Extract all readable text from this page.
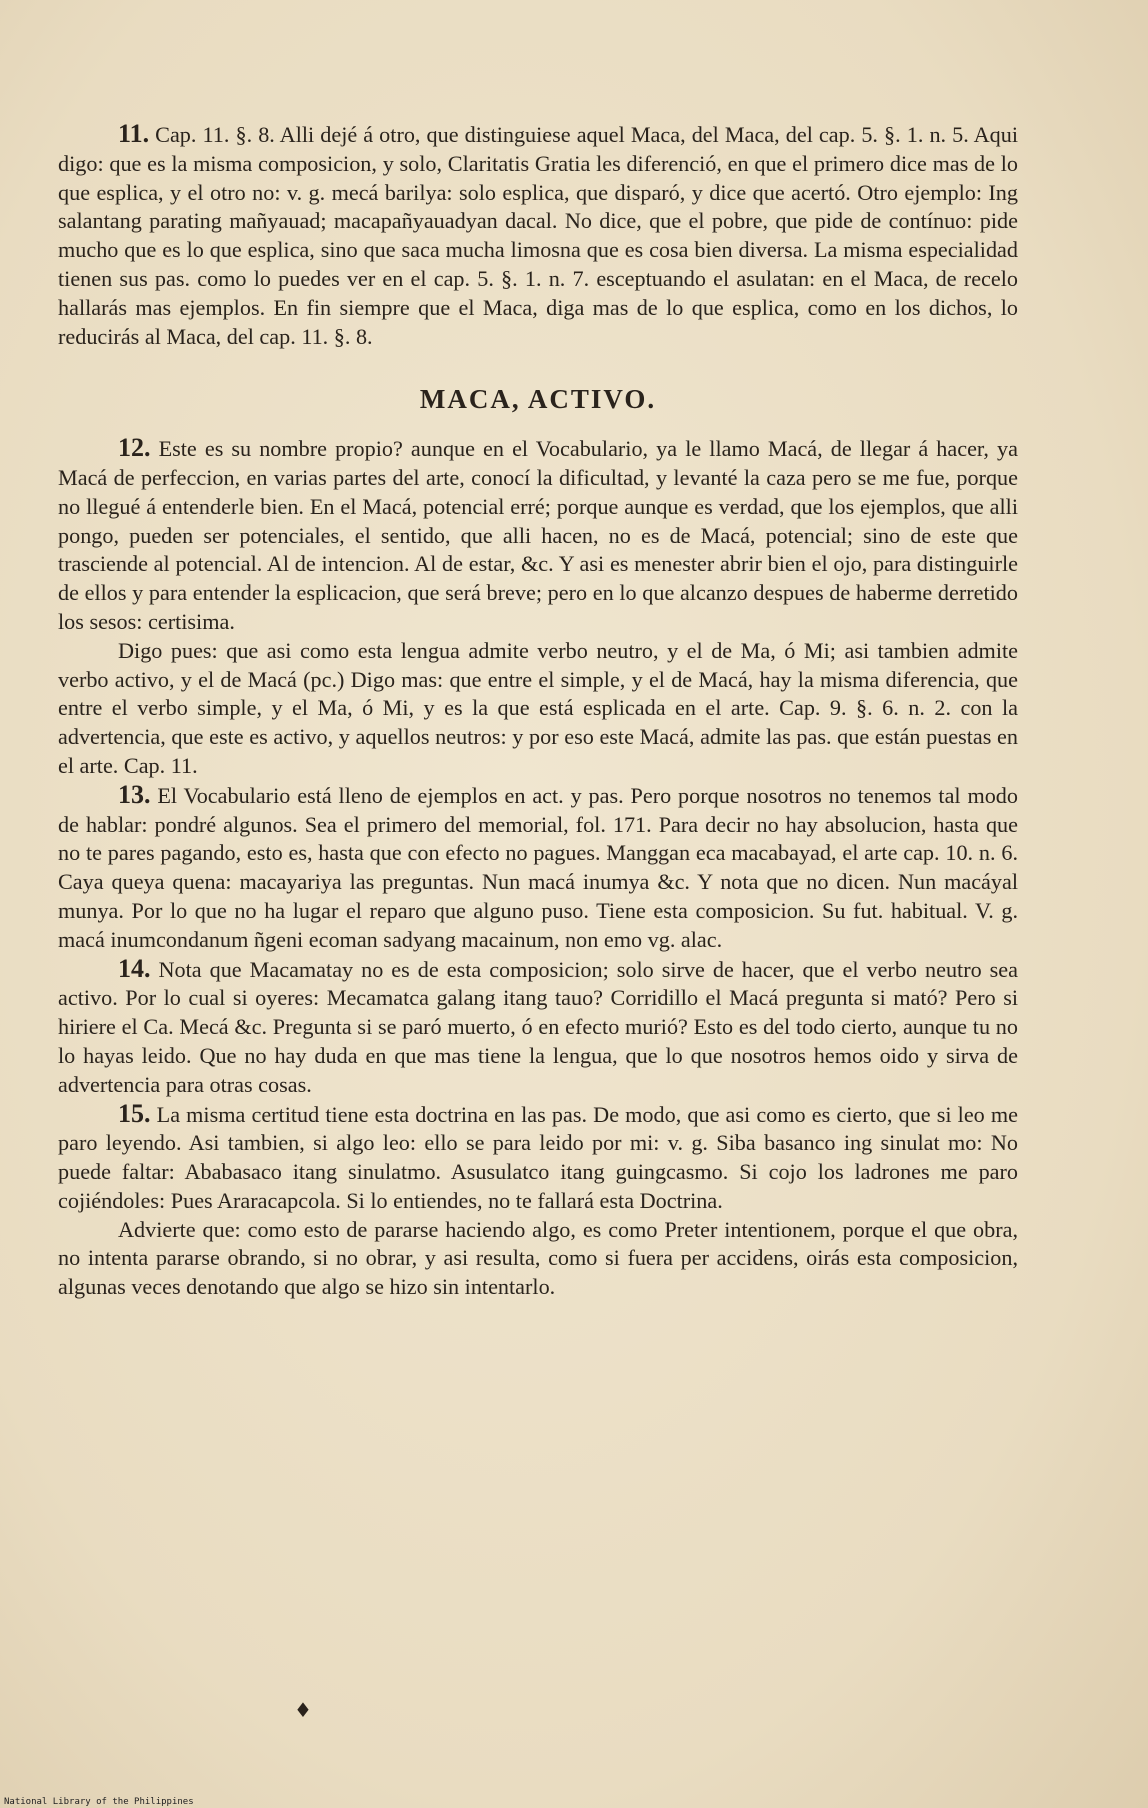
11. Cap. 11. §. 8. Alli dejé á otro, que distinguiese aquel Maca, del Maca, del cap. 5. §. 1. n. 5. Aqui digo: que es la misma composicion, y solo, Claritatis Gratia les diferenció, en que el primero dice mas de lo que esplica, y el otro no: v. g. mecá barilya: solo esplica, que disparó, y dice que acertó. Otro ejemplo: Ing salantang parating mañyauad; macapañyauadyan dacal. No dice, que el pobre, que pide de contínuo: pide mucho que es lo que esplica, sino que saca mucha limosna que es cosa bien diversa. La misma especialidad tienen sus pas. como lo puedes ver en el cap. 5. §. 1. n. 7. esceptuando el asulatan: en el Maca, de recelo hallarás mas ejemplos. En fin siempre que el Maca, diga mas de lo que esplica, como en los dichos, lo reducirás al Maca, del cap. 11. §. 8.

MACA, ACTIVO.

12. Este es su nombre propio? aunque en el Vocabulario, ya le llamo Macá, de llegar á hacer, ya Macá de perfeccion, en varias partes del arte, conocí la dificultad, y levanté la caza pero se me fue, porque no llegué á entenderle bien. En el Macá, potencial erré; porque aunque es verdad, que los ejemplos, que alli pongo, pueden ser potenciales, el sentido, que alli hacen, no es de Macá, potencial; sino de este que trasciende al potencial. Al de intencion. Al de estar, &c. Y asi es menester abrir bien el ojo, para distinguirle de ellos y para entender la esplicacion, que será breve; pero en lo que alcanzo despues de haberme derretido los sesos: certisima.

Digo pues: que asi como esta lengua admite verbo neutro, y el de Ma, ó Mi; asi tambien admite verbo activo, y el de Macá (pc.) Digo mas: que entre el simple, y el de Macá, hay la misma diferencia, que entre el verbo simple, y el Ma, ó Mi, y es la que está esplicada en el arte. Cap. 9. §. 6. n. 2. con la advertencia, que este es activo, y aquellos neutros: y por eso este Macá, admite las pas. que están puestas en el arte. Cap. 11.

13. El Vocabulario está lleno de ejemplos en act. y pas. Pero porque nosotros no tenemos tal modo de hablar: pondré algunos. Sea el primero del memorial, fol. 171. Para decir no hay absolucion, hasta que no te pares pagando, esto es, hasta que con efecto no pagues. Manggan eca macabayad, el arte cap. 10. n. 6. Caya queya quena: macayariya las preguntas. Nun macá inumya &c. Y nota que no dicen. Nun macáyal munya. Por lo que no ha lugar el reparo que alguno puso. Tiene esta composicion. Su fut. habitual. V. g. macá inumcondanum ñgeni ecoman sadyang macainum, non emo vg. alac.

14. Nota que Macamatay no es de esta composicion; solo sirve de hacer, que el verbo neutro sea activo. Por lo cual si oyeres: Mecamatca galang itang tauo? Corridillo el Macá pregunta si mató? Pero si hiriere el Ca. Mecá &c. Pregunta si se paró muerto, ó en efecto murió? Esto es del todo cierto, aunque tu no lo hayas leido. Que no hay duda en que mas tiene la lengua, que lo que nosotros hemos oido y sirva de advertencia para otras cosas.

15. La misma certitud tiene esta doctrina en las pas. De modo, que asi como es cierto, que si leo me paro leyendo. Asi tambien, si algo leo: ello se para leido por mi: v. g. Siba basanco ing sinulat mo: No puede faltar: Ababasaco itang sinulatmo. Asusulatco itang guingcasmo. Si cojo los ladrones me paro cojiéndoles: Pues Araracapcola. Si lo entiendes, no te fallará esta Doctrina.

Advierte que: como esto de pararse haciendo algo, es como Preter intentionem, porque el que obra, no intenta pararse obrando, si no obrar, y asi resulta, como si fuera per accidens, oirás esta composicion, algunas veces denotando que algo se hizo sin intentarlo.

♦
National Library of the Philippines
